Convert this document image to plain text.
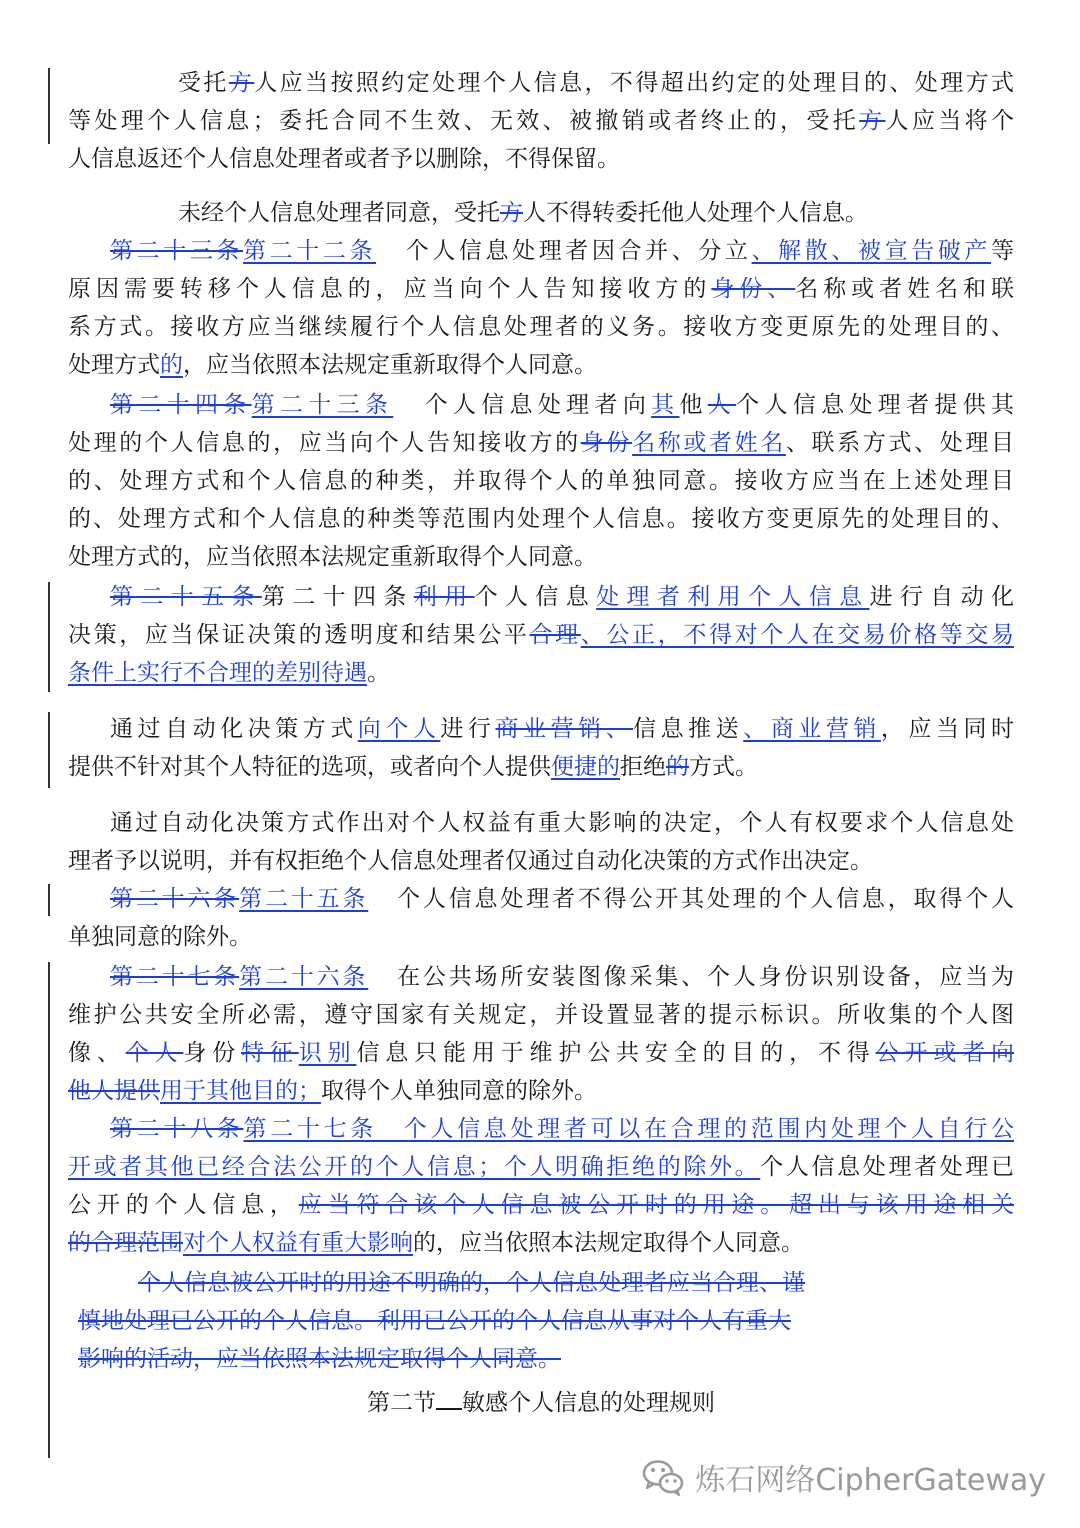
受托方人应当按照约定处理个人信息，不得超出约定的处理目的、处理方式
等处理个人信息；委托合同不生效、无效、被撤销或者终止的，受托方人应当将个
人信息返还个人信息处理者或者予以删除，不得保留。
未经个人信息处理者同意，受托方人不得转委托他人处理个人信息。
第二十三条第二十二条 个人信息处理者因合并、分立、解散、被宣告破产等
原因需要转移个人信息的，应当向个人告知接收方的身份、名称或者姓名和联
系方式。接收方应当继续履行个人信息处理者的义务。接收方变更原先的处理目的、
处理方式的，应当依照本法规定重新取得个人同意。
第二十四条第二十三条 个人信息处理者向其他人个人信息处理者提供其
处理的个人信息的，应当向个人告知接收方的身份名称或者姓名、联系方式、处理目
的、处理方式和个人信息的种类，并取得个人的单独同意。接收方应当在上述处理目
的、处理方式和个人信息的种类等范围内处理个人信息。接收方变更原先的处理目的、
处理方式的，应当依照本法规定重新取得个人同意。
第二十五条第二十四条利用个人信息处理者利用个人信息进行自动化
决策，应当保证决策的透明度和结果公平合理、公正，不得对个人在交易价格等交易
条件上实行不合理的差别待遇。
通过自动化决策方式向个人进行商业营销、信息推送、商业营销，应当同时
提供不针对其个人特征的选项，或者向个人提供便捷的拒绝的方式。
通过自动化决策方式作出对个人权益有重大影响的决定，个人有权要求个人信息处
理者予以说明，并有权拒绝个人信息处理者仅通过自动化决策的方式作出决定。
第二十六条第二十五条 个人信息处理者不得公开其处理的个人信息，取得个人
单独同意的除外。
第二十七条第二十六条 在公共场所安装图像采集、个人身份识别设备，应当为
维护公共安全所必需，遵守国家有关规定，并设置显著的提示标识。所收集的个人图
像、个人身份特征识别信息只能用于维护公共安全的目的，不得公开或者向
他人提供用于其他目的；取得个人单独同意的除外。
第二十八条第二十七条　个人信息处理者可以在合理的范围内处理个人自行公
开或者其他已经合法公开的个人信息；个人明确拒绝的除外。个人信息处理者处理已
公开的个人信息，应当符合该个人信息被公开时的用途。超出与该用途相关
的合理范围对个人权益有重大影响的，应当依照本法规定取得个人同意。
个人信息被公开时的用途不明确的，个人信息处理者应当合理、谨
慎地处理已公开的个人信息。利用已公开的个人信息从事对个人有重大
影响的活动，应当依照本法规定取得个人同意。
第二节 敏感个人信息的处理规则
炼石网络CipherGateway
